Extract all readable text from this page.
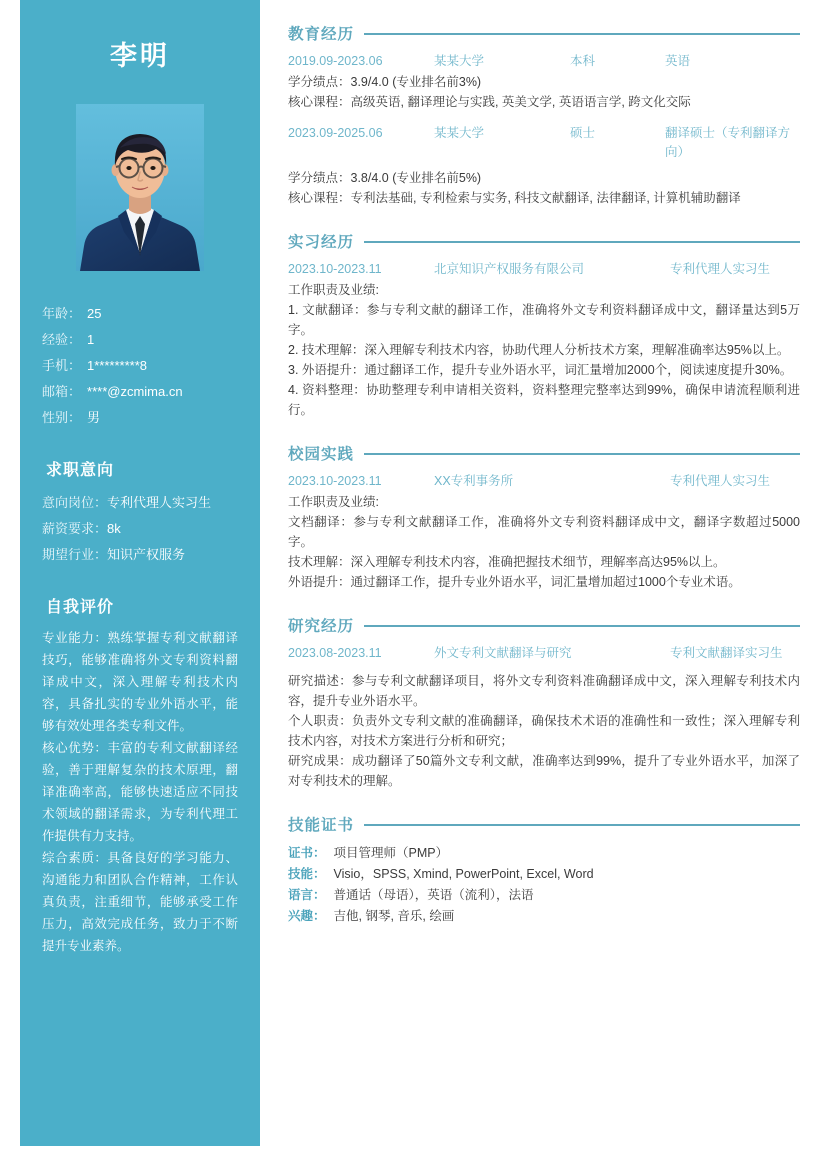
李明
年龄： 25
经验： 1
手机： 1*********8
邮箱： ****@zcmima.cn
性别： 男
求职意向
意向岗位：专利代理人实习生
薪资要求：8k
期望行业：知识产权服务
自我评价

专业能力：熟练掌握专利文献翻译技巧，能够准确将外文专利资料翻译成中文，深入理解专利技术内容，具备扎实的专业外语水平，能够有效处理各类专利文件。

核心优势：丰富的专利文献翻译经验，善于理解复杂的技术原理，翻译准确率高，能够快速适应不同技术领域的翻译需求，为专利代理工作提供有力支持。

综合素质：具备良好的学习能力、沟通能力和团队合作精神，工作认真负责，注重细节，能够承受工作压力，高效完成任务，致力于不断提升专业素养。

教育经历
2019.09-2023.06	某某大学	本科	英语

学分绩点：3.9/4.0 (专业排名前3%)

核心课程：高级英语, 翻译理论与实践, 英美文学, 英语语言学, 跨文化交际

2023.09-2025.06	某某大学	硕士	翻译硕士（专利翻译方向）

学分绩点：3.8/4.0 (专业排名前5%)

核心课程：专利法基础, 专利检索与实务, 科技文献翻译, 法律翻译, 计算机辅助翻译

实习经历
2023.10-2023.11	北京知识产权服务有限公司	专利代理人实习生

工作职责及业绩:

1. 文献翻译：参与专利文献的翻译工作，准确将外文专利资料翻译成中文，翻译量达到5万字。

2. 技术理解：深入理解专利技术内容，协助代理人分析技术方案，理解准确率达95%以上。

3. 外语提升：通过翻译工作，提升专业外语水平，词汇量增加2000个，阅读速度提升30%。

4. 资料整理：协助整理专利申请相关资料，资料整理完整率达到99%，确保申请流程顺利进行。

校园实践
2023.10-2023.11	XX专利事务所	专利代理人实习生

工作职责及业绩:

文档翻译：参与专利文献翻译工作，准确将外文专利资料翻译成中文，翻译字数超过5000字。

技术理解：深入理解专利技术内容，准确把握技术细节，理解率高达95%以上。

外语提升：通过翻译工作，提升专业外语水平，词汇量增加超过1000个专业术语。

研究经历
2023.08-2023.11	外文专利文献翻译与研究	专利文献翻译实习生

研究描述：参与专利文献翻译项目，将外文专利资料准确翻译成中文，深入理解专利技术内容，提升专业外语水平。

个人职责：负责外文专利文献的准确翻译，确保技术术语的准确性和一致性；深入理解专利技术内容，对技术方案进行分析和研究；

研究成果：成功翻译了50篇外文专利文献，准确率达到99%，提升了专业外语水平，加深了对专利技术的理解。

技能证书
证书： 项目管理师（PMP）
技能： Visio，SPSS, Xmind, PowerPoint, Excel, Word
语言： 普通话（母语），英语（流利），法语
兴趣： 吉他, 钢琴, 音乐, 绘画
